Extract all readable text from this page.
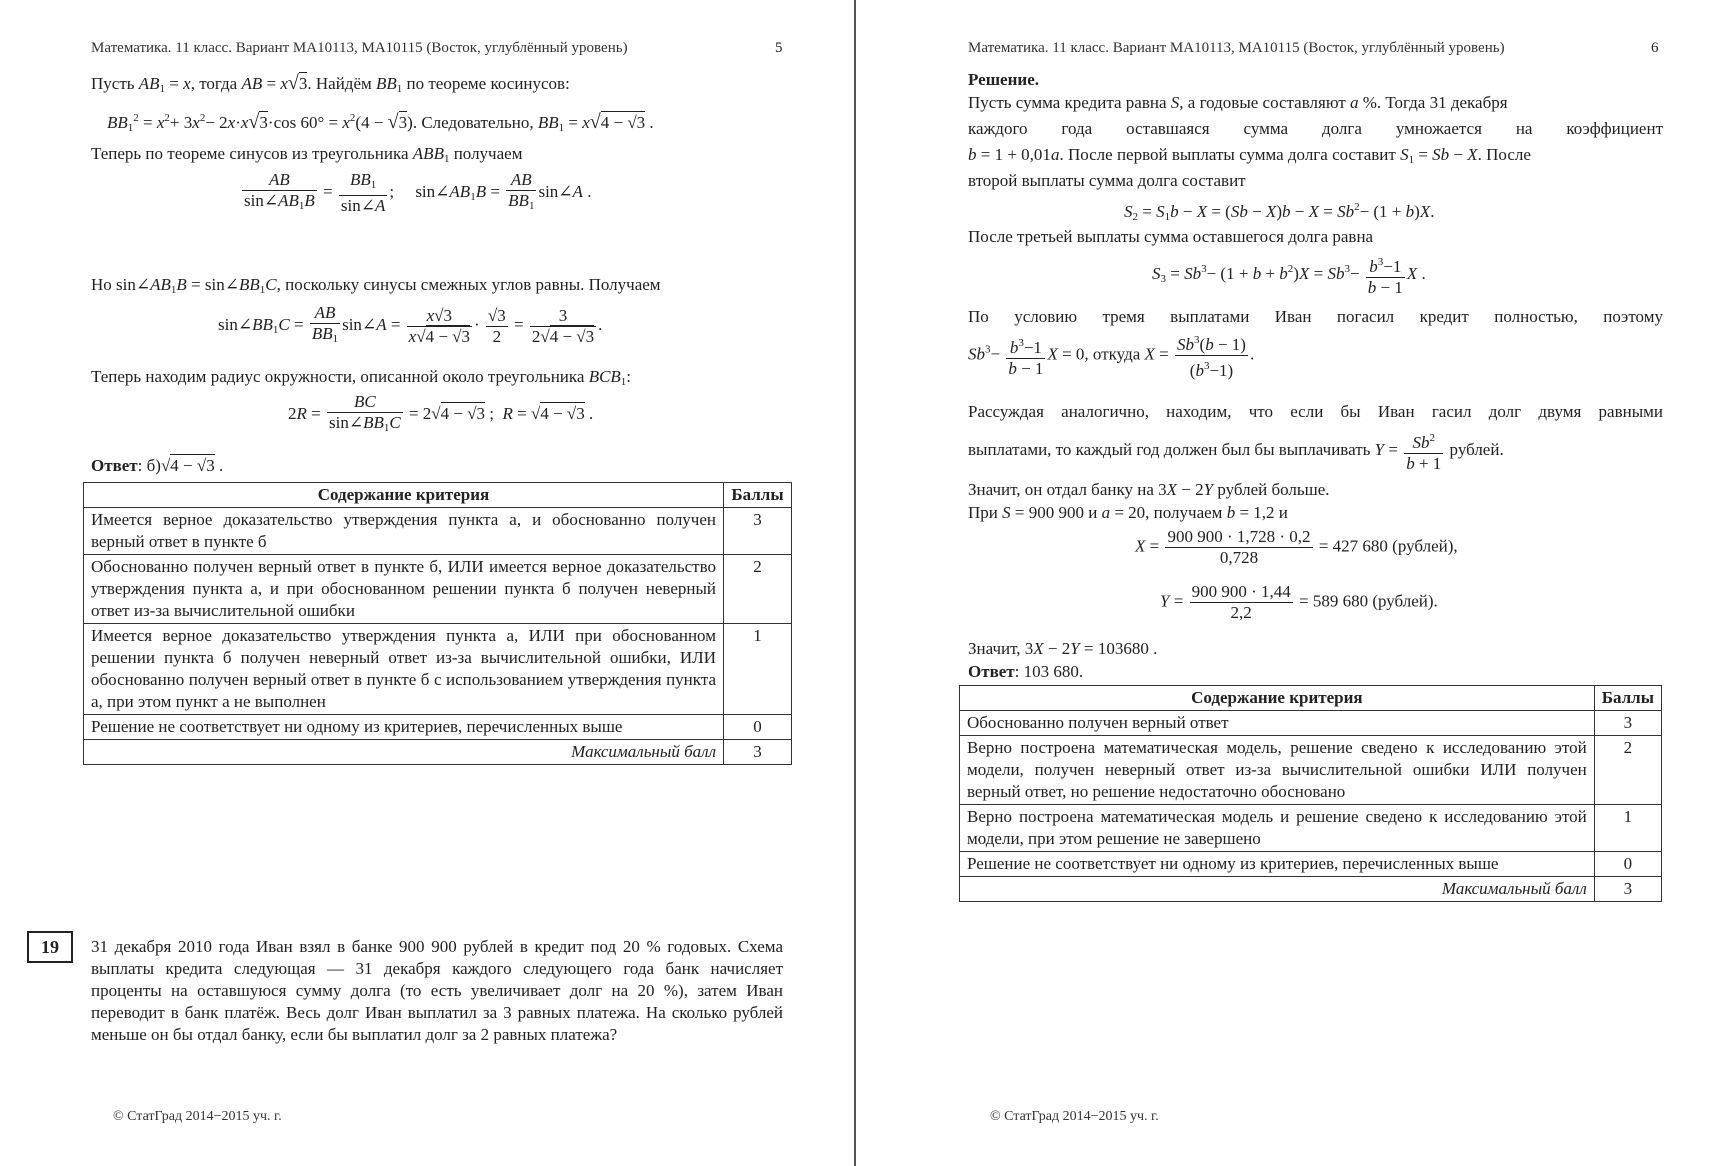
Математика. 11 класс. Вариант МА10113, МА10115 (Восток, углублённый уровень)	5
Пусть $AB_1 = x$, тогда AB = x√3. Найдём $BB_1$ по теореме косинусов:
$BB_1^2 = x^2+ 3x^2- 2x\cdot x√3\cdot\cos$ $60^\circ = x^2(4 - √3)$. Следовательно, $BB_1 = x√4 - √3$ .
Теперь по теореме синусов из треугольника $ABB_1$ получаем
$\frac{AB}{\sin\angle AB_1B} = \frac{BB_1}{\sin\angle A}$ ;     $\sin\angle AB_1B = \frac{AB}{BB_1}$ sin∠A .
Но $\sin\angle AB_1B$ = $\sin\angle BB_1C$, поскольку синусы смежных углов равны. Получаем
$\sin\angle BB_1C = \frac{AB}{BB_1}$ sin∠A = $\frac{x√3}{x√4 - √3} \cdot \frac{√3}{2} = \frac{3}{2√4 - √3}$ .
Теперь находим радиус окружности, описанной около треугольника $BCB_1$:
$2R = \frac{BC}{\sin\angle BB_1C} = 2√4 - √3$ ;  R = √4 − √3 .
Ответ: б)√4 − √3 .
Содержание критерия	Баллы
Имеется верное доказательство утверждения пункта а, и обоснованно получен верный ответ в пункте б	3
Обоснованно получен верный ответ в пункте б, ИЛИ имеется верное доказательство утверждения пункта а, и при обоснованном решении пункта б получен неверный ответ из-за вычислительной ошибки	2
Имеется верное доказательство утверждения пункта а, ИЛИ при обоснованном решении пункта б получен неверный ответ из-за вычислительной ошибки, ИЛИ обоснованно получен верный ответ в пункте б с использованием утверждения пункта а, при этом пункт а не выполнен	1
Решение не соответствует ни одному из критериев, перечисленных выше	0
Максимальный балл	3
19	31 декабря 2010 года Иван взял в банке 900 900 рублей в кредит под 20 % годовых. Схема выплаты кредита следующая — 31 декабря каждого следующего года банк начисляет проценты на оставшуюся сумму долга (то есть увеличивает долг на 20 %), затем Иван переводит в банк платёж. Весь долг Иван выплатил за 3 равных платежа. На сколько рублей меньше он бы отдал банку, если бы выплатил долг за 2 равных платежа?
© СтатГрад 2014−2015 уч. г.
Математика. 11 класс. Вариант МА10113, МА10115 (Восток, углублённый уровень)	6
Решение.
Пусть сумма кредита равна S, а годовые составляют a %. Тогда 31 декабря
каждого года оставшаяся сумма долга умножается на коэффициент
b = 1 + 0,01a. После первой выплаты сумма долга составит $S_1 = Sb - X$. После
второй выплаты сумма долга составит
$S_2 = S_1b - X = (Sb - X)b - X = Sb^2- (1 + b)X$.
После третьей выплаты сумма оставшегося долга равна
$S_3 = Sb^3- (1 + b + b^2)X = Sb^3- \frac{b^3-1}{b - 1}$ X .
По условию тремя выплатами Иван погасил кредит полностью, поэтому
$Sb^3- \frac{b^3-1}{b - 1}$ X = 0, откуда $X = \frac{Sb^3(b - 1)}{(b^3-1)}$ .
Рассуждая аналогично, находим, что если бы Иван гасил долг двумя равными
выплатами, то каждый год должен был бы выплачивать $Y = \frac{Sb^2}{b + 1}$ рублей.
Значит, он отдал банку на 3X − 2Y рублей больше.
При S = 900 900 и a = 20, получаем b = 1,2 и
$X = \frac{900 900 \cdot 1,728 \cdot 0,2}{0,728} = 427$ 680 (рублей),
$Y = \frac{900 900 \cdot 1,44}{2,2} = 589$ 680 (рублей).
Значит, 3X − 2Y = 103680 .
Ответ: 103 680.
Содержание критерия	Баллы
Обоснованно получен верный ответ	3
Верно построена математическая модель, решение сведено к исследованию этой модели, получен неверный ответ из-за вычислительной ошибки ИЛИ получен верный ответ, но решение недостаточно обосновано	2
Верно построена математическая модель и решение сведено к исследованию этой модели, при этом решение не завершено	1
Решение не соответствует ни одному из критериев, перечисленных выше	0
Максимальный балл	3
© СтатГрад 2014−2015 уч. г.
